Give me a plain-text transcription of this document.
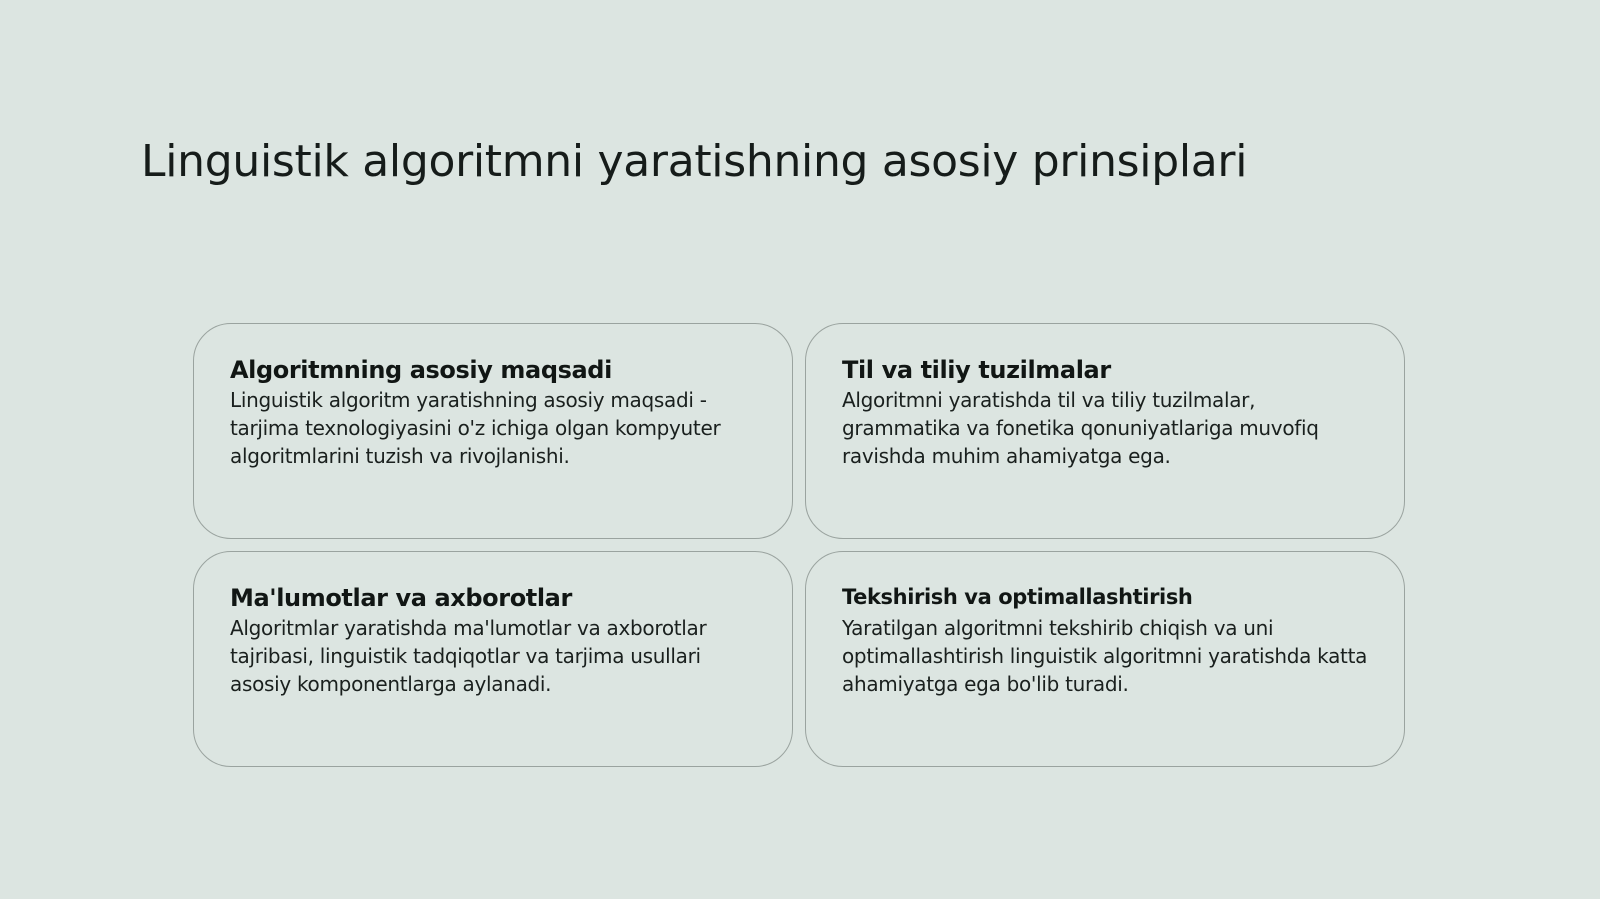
Linguistik algoritmni yaratishning asosiy prinsiplari
Algoritmning asosiy maqsadi

Linguistik algoritm yaratishning asosiy maqsadi - tarjima texnologiyasini o'z ichiga olgan kompyuter algoritmlarini tuzish va rivojlanishi.

Til va tiliy tuzilmalar

Algoritmni yaratishda til va tiliy tuzilmalar, grammatika va fonetika qonuniyatlariga muvofiq ravishda muhim ahamiyatga ega.

Ma'lumotlar va axborotlar

Algoritmlar yaratishda ma'lumotlar va axborotlar tajribasi, linguistik tadqiqotlar va tarjima usullari asosiy komponentlarga aylanadi.

Tekshirish va optimallashtirish

Yaratilgan algoritmni tekshirib chiqish va uni optimallashtirish linguistik algoritmni yaratishda katta ahamiyatga ega bo'lib turadi.
